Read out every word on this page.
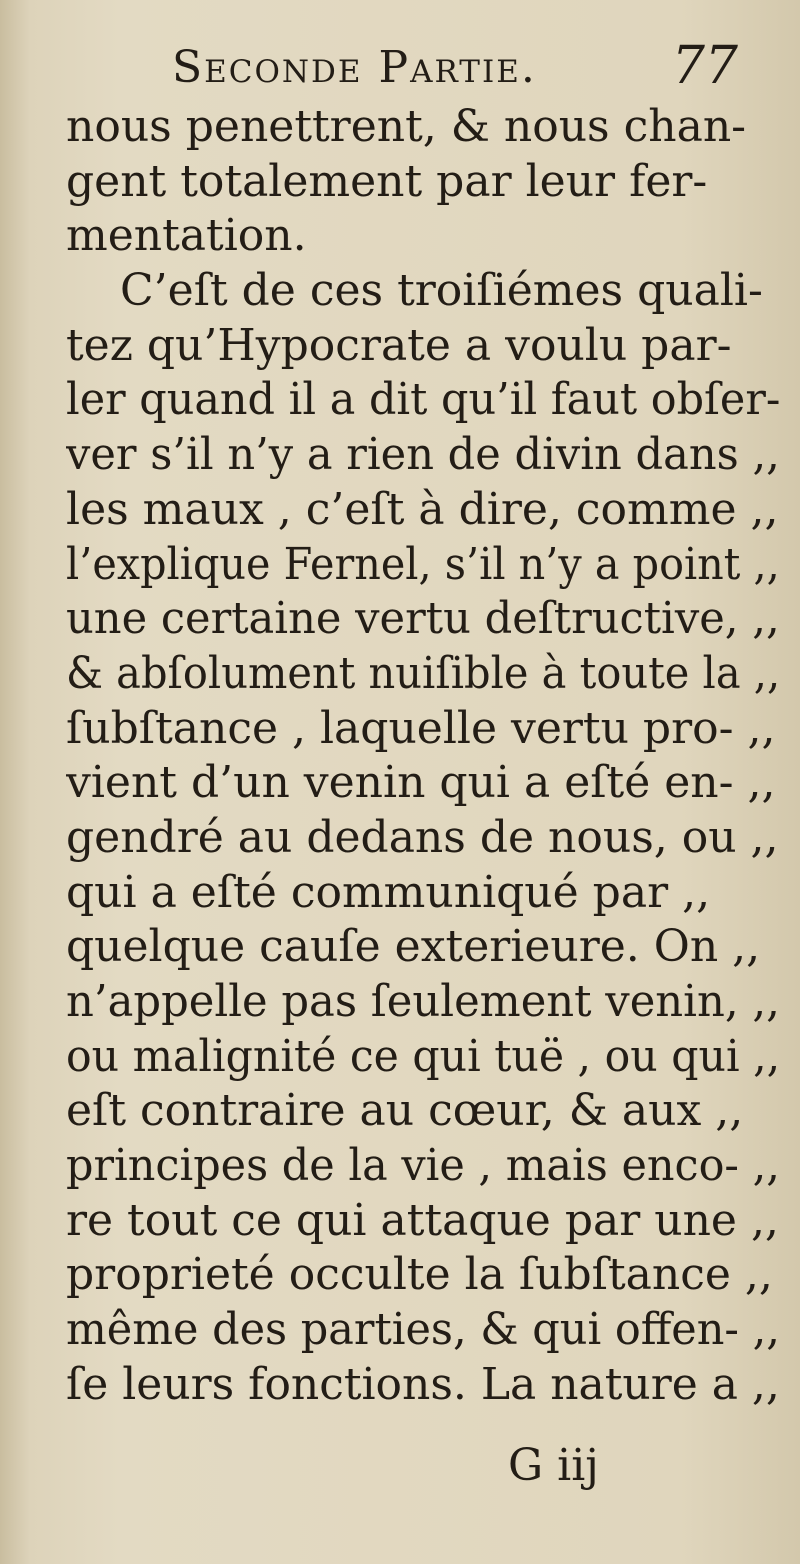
Seconde Partie.	77
nous penettrent, & nous chan-
gent totalement par leur fer-
mentation.
C’eſt de ces troiſiémes quali-
tez qu’Hypocrate a voulu par-
ler quand il a dit qu’il faut obſer-
ver s’il n’y a rien de divin dans ,,
les maux , c’eſt à dire, comme ,,
l’explique Fernel, s’il n’y a point ,,
une certaine vertu deſtructive, ,,
& abſolument nuiſible à toute la ,,
ſubſtance , laquelle vertu pro- ,,
vient d’un venin qui a eſté en- ,,
gendré au dedans de nous, ou ,,
qui a eſté communiqué par ,,
quelque cauſe exterieure. On ,,
n’appelle pas ſeulement venin, ,,
ou malignité ce qui tuë , ou qui ,,
eſt contraire au cœur, & aux ,,
principes de la vie , mais enco- ,,
re tout ce qui attaque par une ,,
proprieté occulte la ſubſtance ,,
même des parties, & qui offen- ,,
ſe leurs fonctions. La nature a ,,
G iij
